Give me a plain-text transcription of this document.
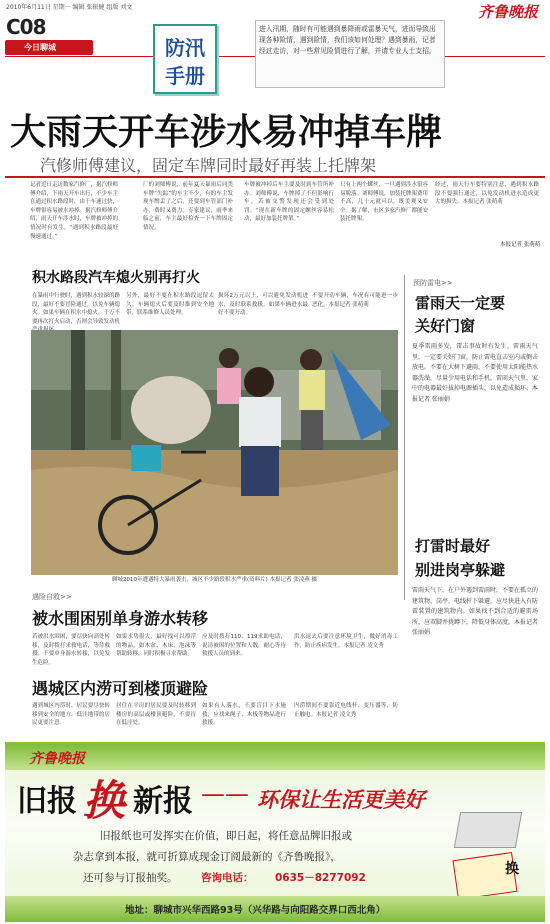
2010年6月11日 星期一 编辑 张振健 组版 刘文	齐鲁晚报
C08
今日聊城	防汛
手册
进入汛期，随时有可能遇到暴降雨或雷暴天气，进而导致出现各种险情，遇到险情，我们该如何处理？遇到暴雨，记者经过走访，对一些常见险情进行了解，并请专业人士支招。
大雨天开车涉水易冲掉车牌
汽修师傅建议，固定车牌同时最好再装上托牌架
记者近日走访数家汽修厂，据汽修师傅介绍，下雨天开车出行，不少车主在通过积水路段时，由于车速过快，车牌很容易被水冲掉。据汽修师傅介绍，雨天开车涉水时，车牌被冲掉的情况时有发生。“遇到积水路段最好慢速通过。”
厂的刘师傅说，前年夏天暴雨后同类车牌“失踪”的车主不少，有的车主发现车牌丢了之后，还要到车管部门补办，费时又费力。专家建议，雨季来临之前，车主最好检查一下车牌固定情况。
车牌被冲掉后车主要及时到车管所补办。刘师傅说，车牌掉了不但影响行车，若被交警发现还会受到处罚。“现在新车牌的固定螺丝容易松动，最好加装托牌架。”
只有上两个螺丝，一旦遇到涉水很容易脱落。刘师傅说，加装托牌架费用不高，几十元就可以，既美观又安全。据了解，市区多家汽修厂都能安装托牌架。
经过，雨天行车要特别注意，遇到积水路段不要强行通过，以免发动机进水造成更大的损失。本报记者 张萌萌
本报记者 张萌萌
积水路段汽车熄火别再打火
在暴雨中行驶时，遇到积水较深的路段，最好不要冒险通过，以免车辆熄火。如果车辆在积水中熄火，千万不要再次打火启动，否则会导致发动机
另外，最好不要在积水路段逗留太久。车辆熄火后要及时推到安全地带，联系维修人员处理。
损坏2万元以上，可以避免发动机进水，及时联系救援。如果车辆进水最好不要开动。
不要开动车辆，车况有可能进一步恶化。本报记者 张萌萌
聊城2010年遭遇特大暴雨袭击，城区不少路段积水严重(资料片) 本报记者 张凌燕 摄
预防雷电>>
雷雨天一定要
关好门窗
夏季雷雨多发，雷击事故时有发生。雷雨天气里，一定要关好门窗，防止雷电直击室内或侧击放电。不要在大树下避雨，不要使用太阳能热水器洗澡，尽量少用电话和手机。雷雨天气里，家中的电器最好拔掉电源插头，以免造成损坏。本报记者 张丽娟
打雷时最好
别进岗亭躲避
雷雨天气下，在户外遇到雷雨时，不要在孤立的建筑物、岗亭、电线杆下躲避，应尽快进入有防雷装置的建筑物内。如果找不到合适的避雷场所，应双脚并拢蹲下，降低身体高度。本报记者 张丽娟
遇险自救>>
被水围困别单身游水转移
若被洪水围困，要尽快向高处转移，及时拨打求救电话，等待救援。不要单身游水转移，以免发生危险。
如果水势很大，最好找可以漂浮的物品，如木盆、木床、泡沫等帮助转移，同时积极寻求帮助。
应及时拨打110、119求助电话，说清被困的位置和人数，耐心等待救援人员的到来。
洪水退去后要注意环境卫生，做好消毒工作，防止疾病发生。本报记者 凌文秀
遇城区内涝可到楼顶避险
遇到城区内涝时，居民要尽快转移到安全的地方，低洼地带的居民更要注意。
居住在平房的居民要及时转移到楼房的高层或楼顶避险，不要待在低洼处。
如果有人落水，不要盲目下水施救，应找来绳子、木板等物品进行救援。
内涝期间不要靠近电线杆、变压器等，防止触电。本报记者 凌文秀
齐鲁晚报
旧报 换 新报 —— 环保让生活更美好
旧报纸也可发挥实在价值，即日起，将任意品牌旧报或
杂志拿到本报，就可折算成现金订阅最新的《齐鲁晚报》，
还可参与订报抽奖。 咨询电话： 0635－8277092
换
地址：聊城市兴华西路93号（兴华路与向阳路交界口西北角）
